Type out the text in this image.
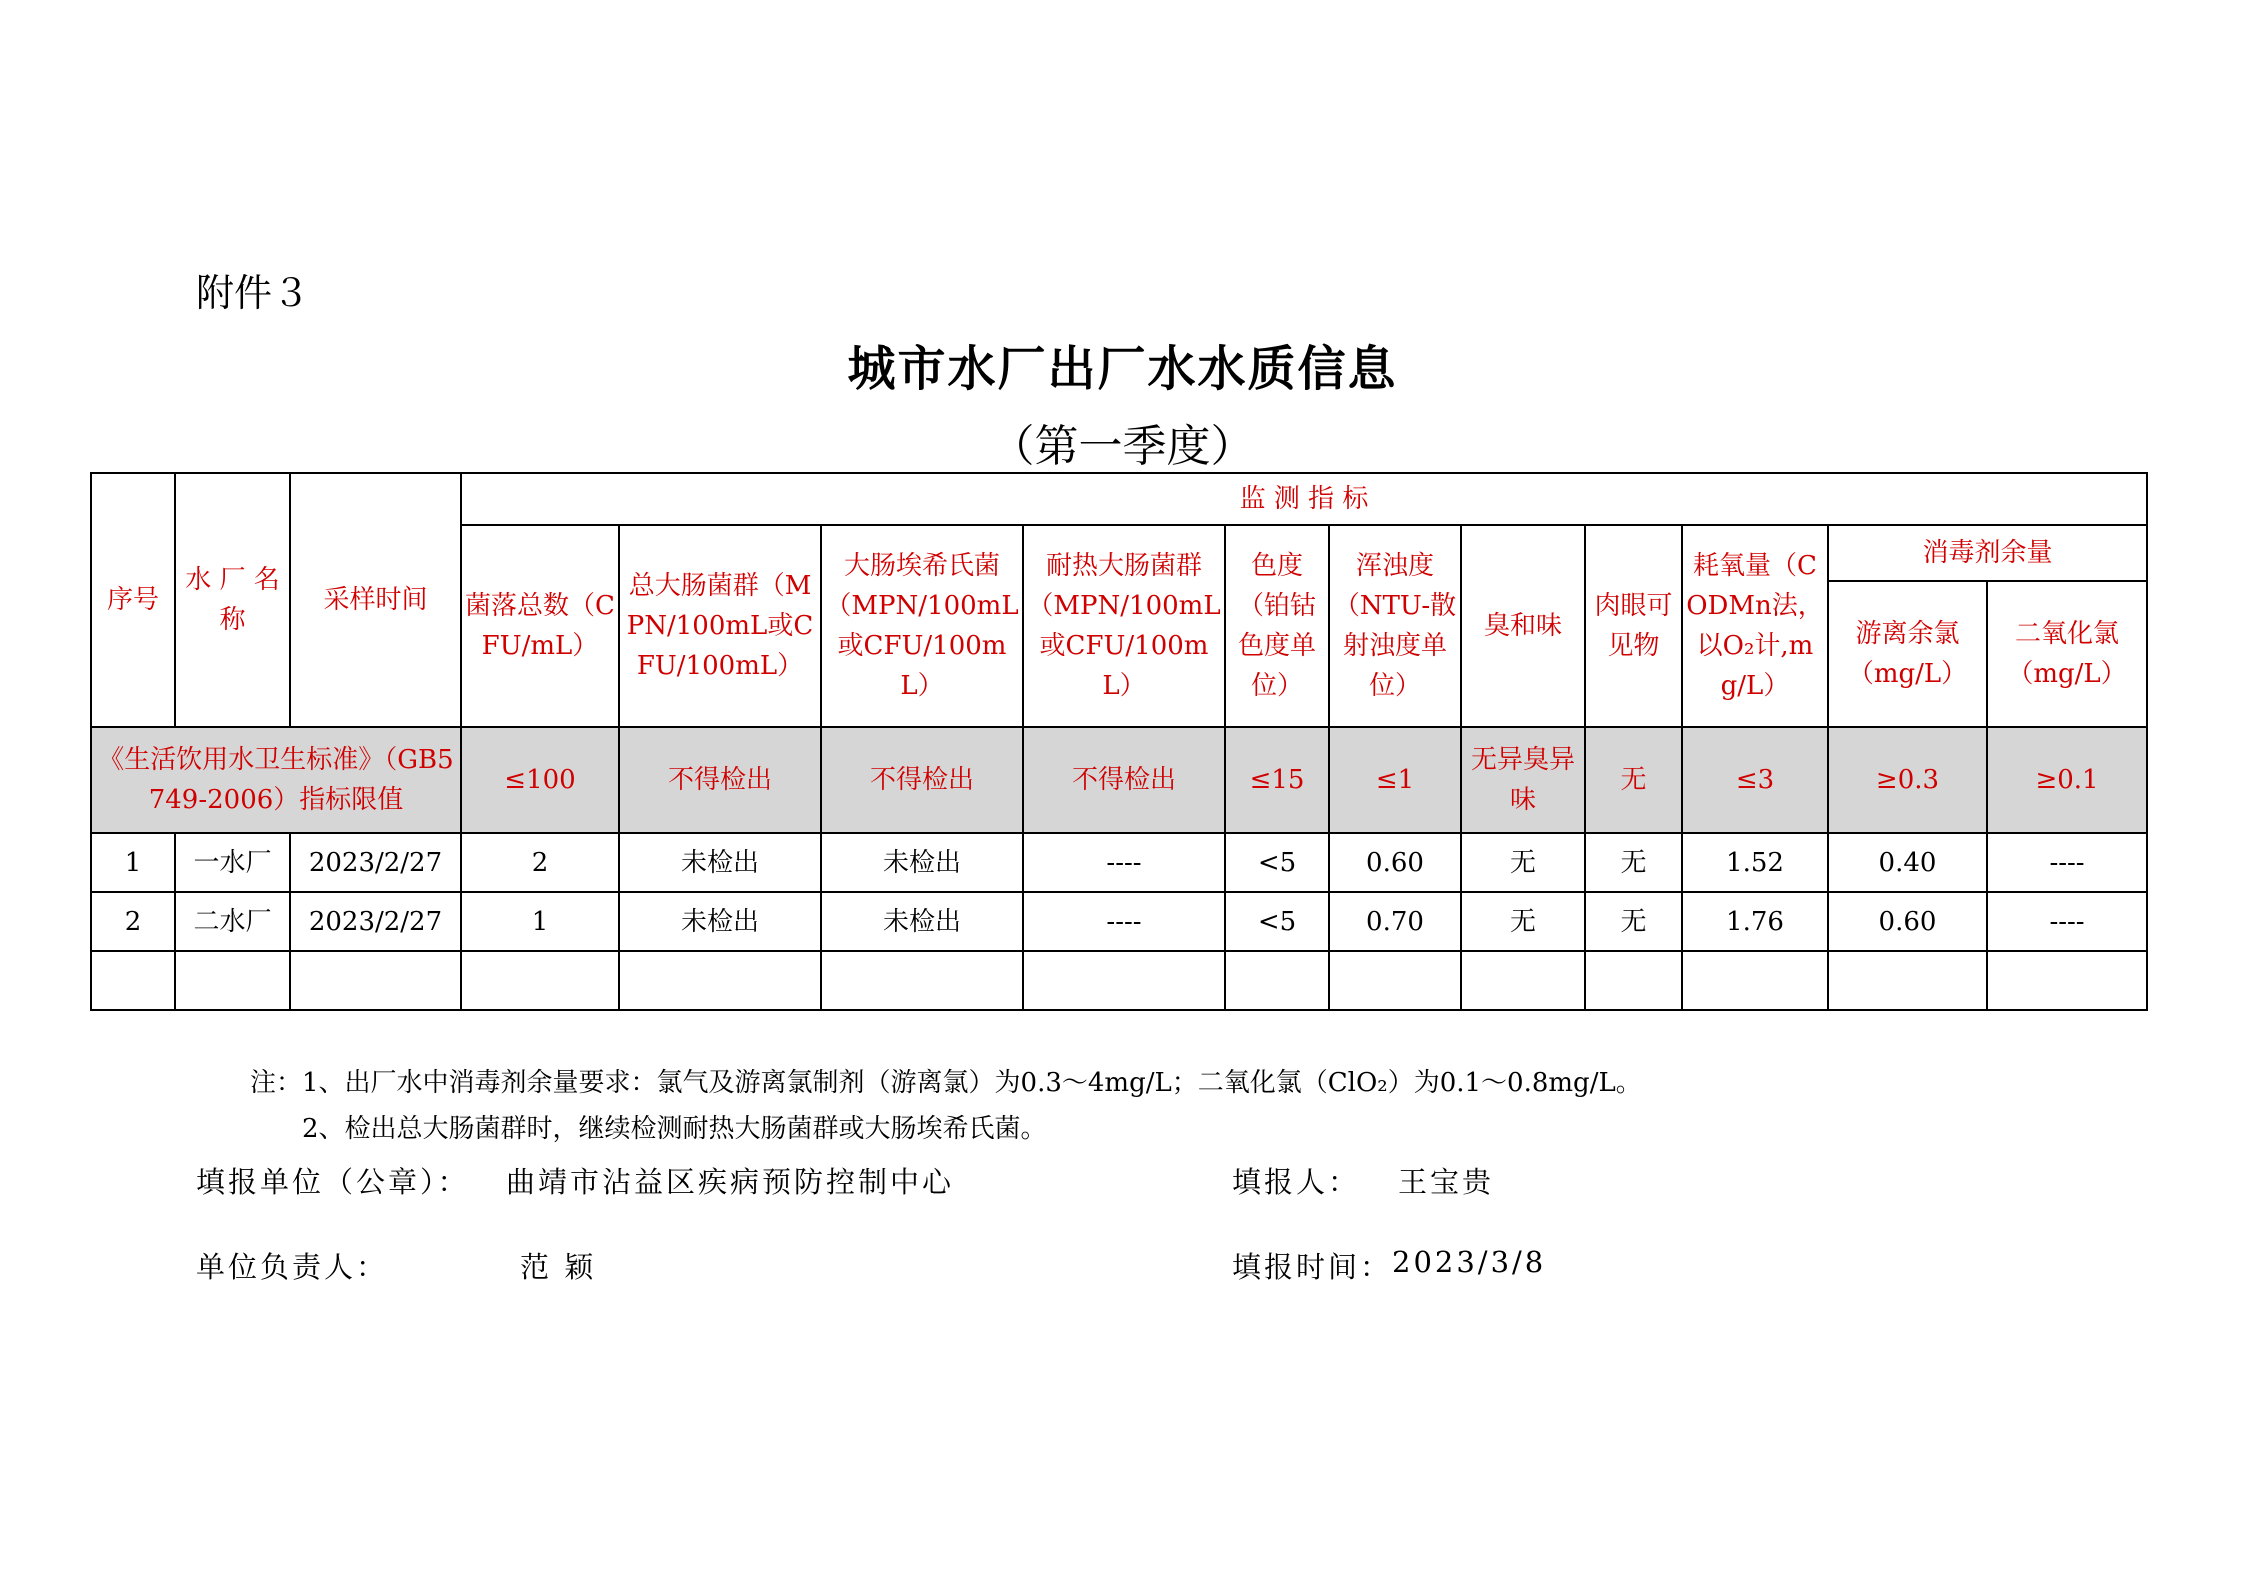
附件３
城市水厂出厂水水质信息
（第一季度）
序号	水 厂 名 称	采样时间	监 测 指 标										
			菌落总数（CFU/mL）	总大肠菌群（MPN/100mL或CFU/100mL）	大肠埃希氏菌（MPN/100mL或CFU/100mL）	耐热大肠菌群（MPN/100mL或CFU/100mL）	色度（铂钴色度单位）	浑浊度（NTU-散射浊度单位）	臭和味	肉眼可见物	耗氧量（CODMn法，以O₂计,mg/L）	消毒剂余量	
												游离余氯（mg/L）	二氧化氯（mg/L）
《生活饮用水卫生标准》（GB5749-2006）指标限值			≤100	不得检出	不得检出	不得检出	≤15	≤1	无异臭异味	无	≤3	≥0.3	≥0.1
1	一水厂	2023/2/27	2	未检出	未检出	----	<5	0.60	无	无	1.52	0.40	----
2	二水厂	2023/2/27	1	未检出	未检出	----	<5	0.70	无	无	1.76	0.60	----

注：1、出厂水中消毒剂余量要求：氯气及游离氯制剂（游离氯）为0.3～4mg/L；二氧化氯（ClO₂）为0.1～0.8mg/L。
2、检出总大肠菌群时，继续检测耐热大肠菌群或大肠埃希氏菌。
填报单位（公章）： 曲靖市沾益区疾病预防控制中心	填报人： 王宝贵
单位负责人：	范 颖	填报时间： 2023/3/8
